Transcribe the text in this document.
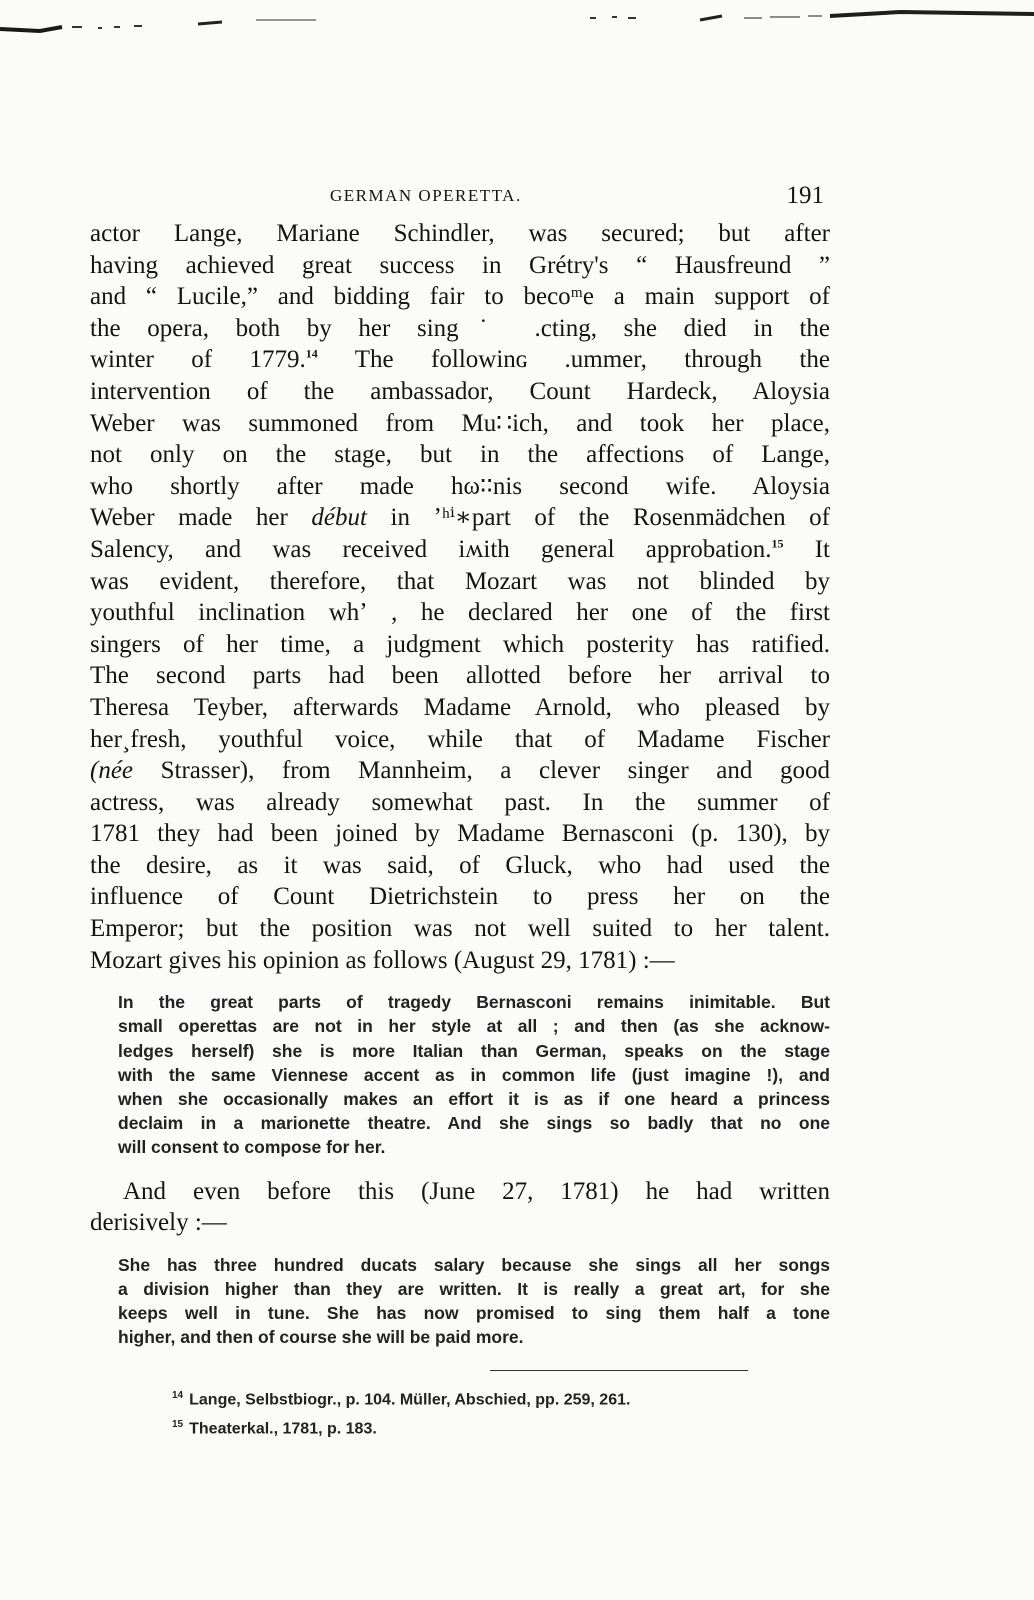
GERMAN OPERETTA.	191

actor Lange, Mariane Schindler, was secured; but after
having achieved great success in Grétry's “ Hausfreund ”
and “ Lucile,” and bidding fair to becoᵐe a main support of
the opera, both by her sing˙ .cting, she died in the
winter of 1779.14 The followinɢ .ummer, through the
intervention of the ambassador, Count Hardeck, Aloysia
Weber was summoned from Mu∷ich, and took her place,
not only on the stage, but in the affections of Lange,
who shortly after made hω∶∶nis second wife. Aloysia
Weber made her début in ʼʰⁱ∗part of the Rosenmädchen of
Salency, and was received iʍith general approbation.$^{15}$ It
was evident, therefore, that Mozart was not blinded by
youthful inclination whʼ , he declared her one of the first
singers of her time, a judgment which posterity has ratified.
The second parts had been allotted before her arrival to
Theresa Teyber, afterwards Madame Arnold, who pleased by
her¸fresh, youthful voice, while that of Madame Fischer
(née Strasser), from Mannheim, a clever singer and good
actress, was already somewhat past. In the summer of
1781 they had been joined by Madame Bernasconi (p. 130), by
the desire, as it was said, of Gluck, who had used the
influence of Count Dietrichstein to press her on the
Emperor; but the position was not well suited to her talent.
Mozart gives his opinion as follows (August 29, 1781) :—

In the great parts of tragedy Bernasconi remains inimitable. But
small operettas are not in her style at all ; and then (as she acknow-
ledges herself) she is more Italian than German, speaks on the stage
with the same Viennese accent as in common life (just imagine !), and
when she occasionally makes an effort it is as if one heard a princess
declaim in a marionette theatre. And she sings so badly that no one
will consent to compose for her.

And even before this (June 27, 1781) he had written
derisively :—

She has three hundred ducats salary because she sings all her songs
a division higher than they are written. It is really a great art, for she
keeps well in tune. She has now promised to sing them half a tone
higher, and then of course she will be paid more.
$^{14}$ Lange, Selbstbiogr., p. 104. Müller, Abschied, pp. 259, 261.
$^{15}$ Theaterkal., 1781, p. 183.
